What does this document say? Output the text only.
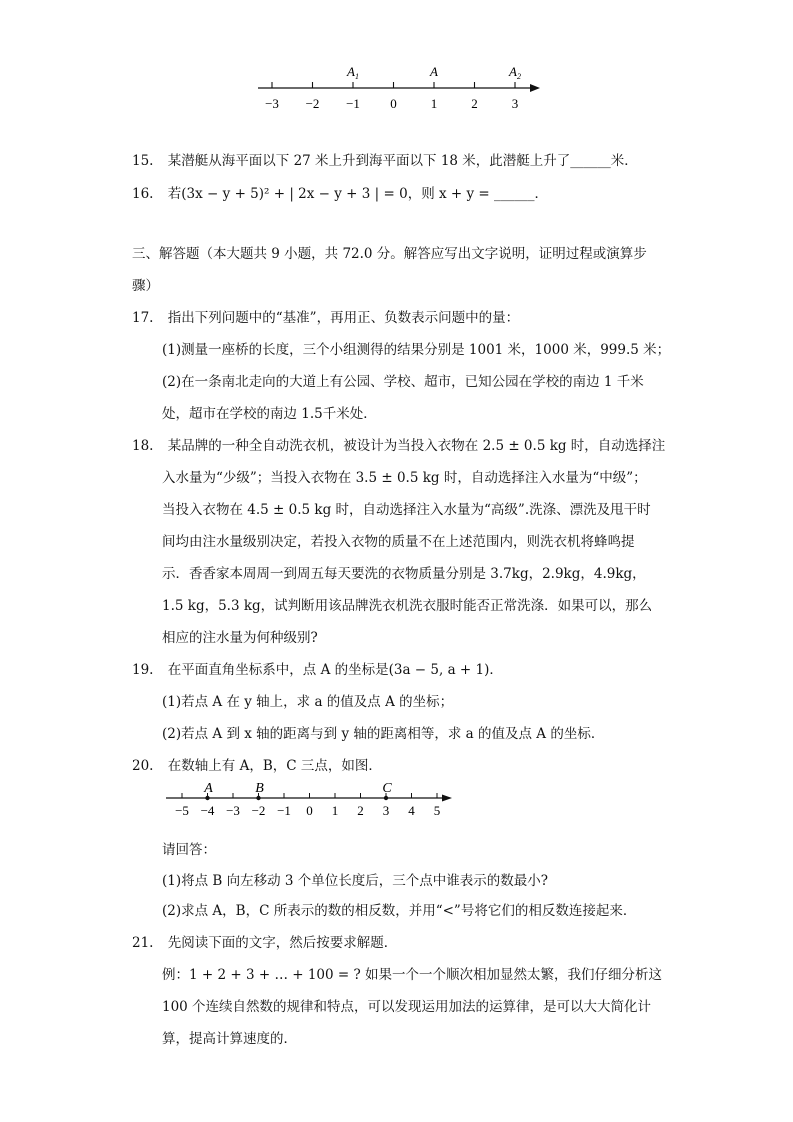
−3 −2 −1 0	1	2	3
$A_1$	A	$A_2$
15. 某潜艇从海平面以下 27 米上升到海平面以下 18 米，此潜艇上升了______米．
16. 若(3x − y + 5)² + | 2x − y + 3 | = 0，则 x + y = ______．
三、解答题（本大题共 9 小题，共 72.0 分。解答应写出文字说明，证明过程或演算步
骤）
17. 指出下列问题中的“基准”，再用正、负数表示问题中的量：
(1)测量一座桥的长度，三个小组测得的结果分别是 1001 米，1000 米，999.5 米；
(2)在一条南北走向的大道上有公园、学校、超市，已知公园在学校的南边 1 千米
处，超市在学校的南边 1.5千米处．
18. 某品牌的一种全自动洗衣机，被设计为当投入衣物在 2.5 ± 0.5 kg 时，自动选择注
入水量为“少级”；当投入衣物在 3.5 ± 0.5 kg 时，自动选择注入水量为“中级”；
当投入衣物在 4.5 ± 0.5 kg 时，自动选择注入水量为“高级”.洗涤、漂洗及甩干时
间均由注水量级别决定，若投入衣物的质量不在上述范围内，则洗衣机将蜂鸣提
示．香香家本周周一到周五每天要洗的衣物质量分别是 3.7kg，2.9kg，4.9kg，
1.5 kg，5.3 kg，试判断用该品牌洗衣机洗衣服时能否正常洗涤．如果可以，那么
相应的注水量为何种级别?
19. 在平面直角坐标系中，点 A 的坐标是(3a − 5, a + 1)．
(1)若点 A 在 y 轴上，求 a 的值及点 A 的坐标；
(2)若点 A 到 x 轴的距离与到 y 轴的距离相等，求 a 的值及点 A 的坐标．
20. 在数轴上有 A，B，C 三点，如图．
−5 −4 −3 −2 −1 0 1 2 3 4 5
A	B	C
请回答：
(1)将点 B 向左移动 3 个单位长度后，三个点中谁表示的数最小?
(2)求点 A，B，C 所表示的数的相反数，并用“<”号将它们的相反数连接起来．
21. 先阅读下面的文字，然后按要求解题．
例：1 + 2 + 3 + … + 100 = ? 如果一个一个顺次相加显然太繁，我们仔细分析这
100 个连续自然数的规律和特点，可以发现运用加法的运算律，是可以大大简化计
算，提高计算速度的．
